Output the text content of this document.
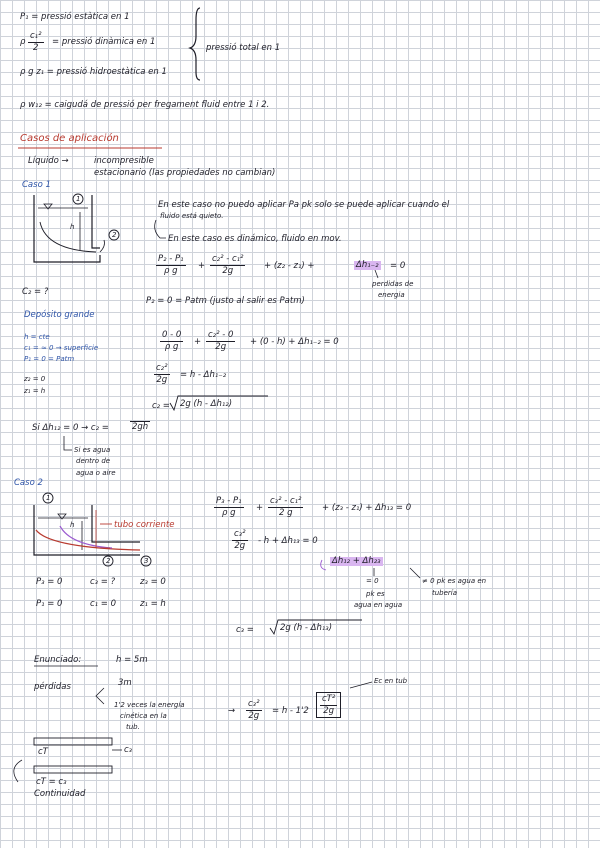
P₁ = pressió estàtica en 1
ρ $\frac{\text{c₁²}}{2}$ = pressió dinàmica en 1
ρ g z₁ = pressió hidroestàtica en 1
pressió total en 1
ρ w₁₂ = caigudá de pressió per fregament fluid entre 1 i 2.
Casos de aplicación
Líquido →	incompresible
estacionario (las propiedades no cambian)
Caso 1
1
2
h
En este caso no puedo aplicar Pa pk solo se puede aplicar cuando el
fluido está quieto.
En este caso es dinámico, fluido en mov.
$\frac{\text{P₂ - P₁}}{\text{ρ g}} + \frac{\text{c₂² - c₁²}}{2g} + (z_2 - z_1)$ +	Δh₁₋₂ = 0
perdidas de
energia
C₂ = ?
P₂ = 0 = Patm (justo al salir es Patm)
Depósito grande
h = cte
c₁ = ≈ 0 → superficie
P₁ = 0 = Patm
z₂ = 0
z₁ = h
$\frac{0 - 0}{\text{ρ g}} + \frac{\text{c₂² - 0}}{2g} + (0 - h) + \Delta h_{1-2} = 0$
$\frac{\text{c₂²}}{2g} = h - \Delta h_{1-2}$
c₂ = 2g (h - Δh₁₂)
Si Δh₁₂ = 0 → c₂ =	2gh
Si es agua
dentro de
agua o aire
Caso 2
1
2	3
h	tubo corriente
$\frac{\text{P₃ - P₁}}{\text{ρ g}} + \frac{\text{c₃² - c₁²}}{2 g} + (z_3 - z_1) + \Delta h_{13} = 0$
$\frac{\text{c₃²}}{2g} - h + \Delta h_{13} = 0$
Δh₁₂ + Δh₂₃
= 0	≠ 0 pk es agua en
tubería
pk es
agua en agua
P₃ = 0	c₃ = ?	z₃ = 0
P₁ = 0	c₁ = 0	z₁ = h
c₃ =	2g (h - Δh₁₃)
Enunciado:	h = 5m
pérdidas	3m
1'2 veces la energía
cinética en la
tub.
→ $\frac{\text{c₃²}}{2g} = h - 1'2 \frac{\text{cT²}}{2g}$
Ec en tub
cT	c₃
cT = c₃
Continuidad
